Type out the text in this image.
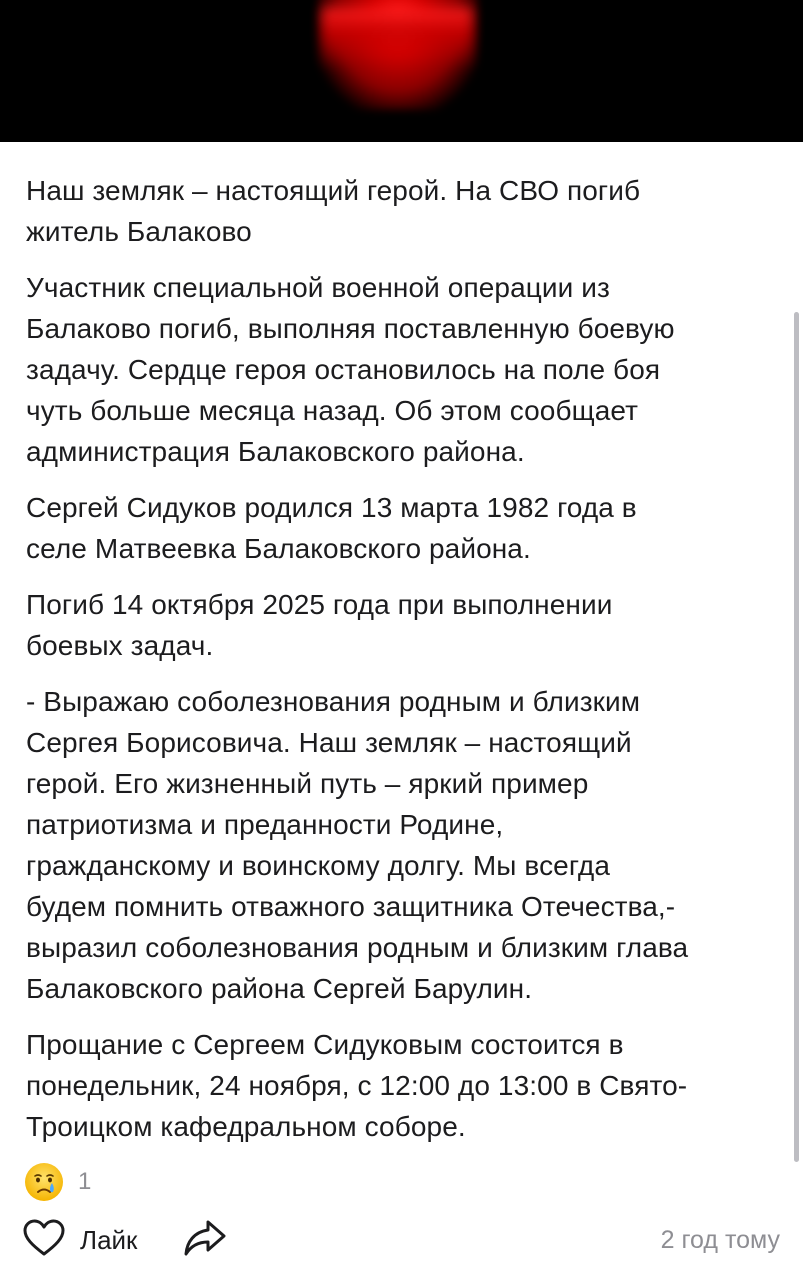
Наш земляк – настоящий герой. На СВО погиб
житель Балаково

Участник специальной военной операции из
Балаково погиб, выполняя поставленную боевую
задачу. Сердце героя остановилось на поле боя
чуть больше месяца назад. Об этом сообщает
администрация Балаковского района.

Сергей Сидуков родился 13 марта 1982 года в
селе Матвеевка Балаковского района.

Погиб 14 октября 2025 года при выполнении
боевых задач.

- Выражаю соболезнования родным и близким
Сергея Борисовича. Наш земляк – настоящий
герой. Его жизненный путь – яркий пример
патриотизма и преданности Родине,
гражданскому и воинскому долгу. Мы всегда
будем помнить отважного защитника Отечества,-
выразил соболезнования родным и близким глава
Балаковского района Сергей Барулин.

Прощание с Сергеем Сидуковым состоится в
понедельник, 24 ноября, с 12:00 до 13:00 в Свято-
Троицком кафедральном соборе.

1
Лайк	2 год тому
